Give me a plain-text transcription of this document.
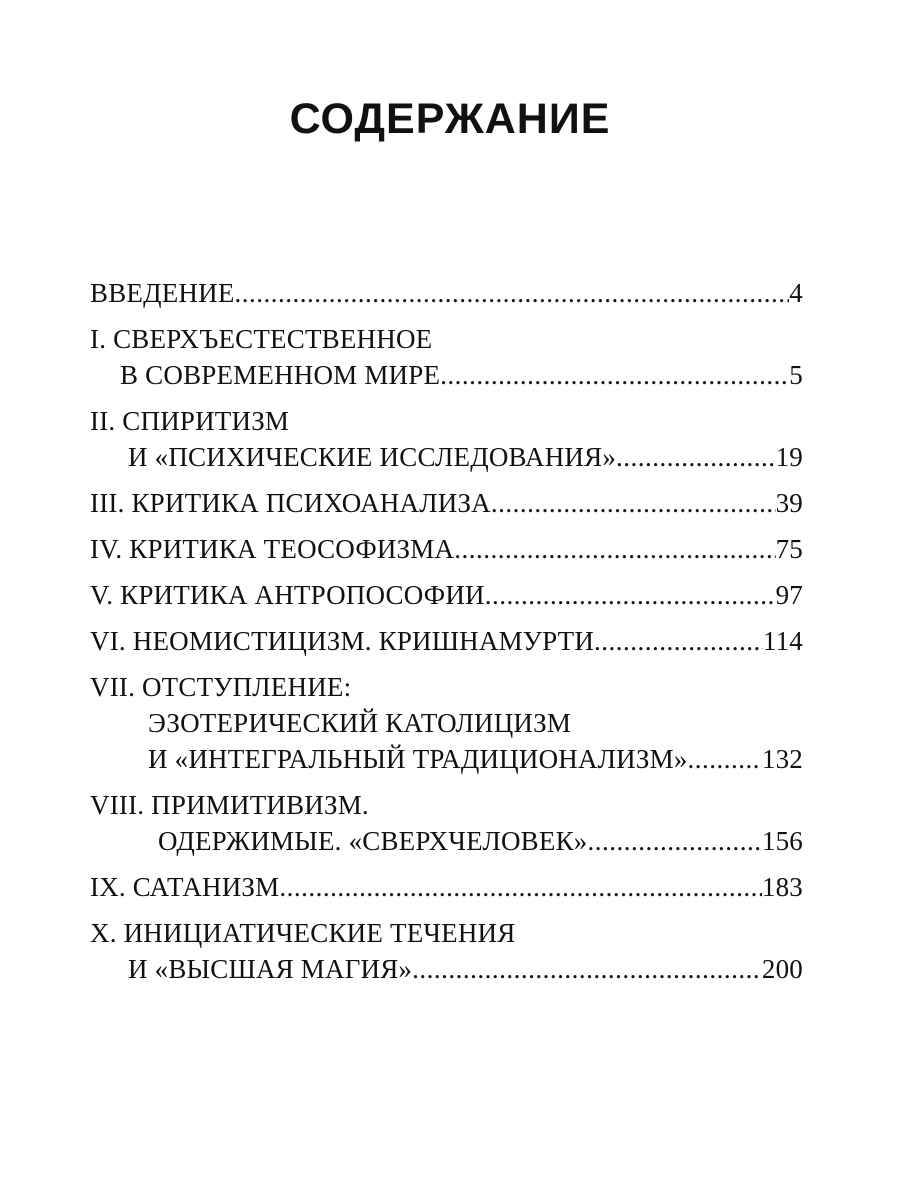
СОДЕРЖАНИЕ
ВВЕДЕНИЕ .....	4
I. СВЕРХЪЕСТЕСТВЕННОЕ
В СОВРЕМЕННОМ МИРЕ .....	5
II. СПИРИТИЗМ
И «ПСИХИЧЕСКИЕ ИССЛЕДОВАНИЯ» .....	19
III. КРИТИКА ПСИХОАНАЛИЗА .....	39
IV. КРИТИКА ТЕОСОФИЗМА .....	75
V. КРИТИКА АНТРОПОСОФИИ .....	97
VI. НЕОМИСТИЦИЗМ. КРИШНАМУРТИ .....	114
VII. ОТСТУПЛЕНИЕ:
ЭЗОТЕРИЧЕСКИЙ КАТОЛИЦИЗМ
И «ИНТЕГРАЛЬНЫЙ ТРАДИЦИОНАЛИЗМ» .....	132
VIII. ПРИМИТИВИЗМ.
ОДЕРЖИМЫЕ. «СВЕРХЧЕЛОВЕК» .....	156
IX. САТАНИЗМ .....	183
X. ИНИЦИАТИЧЕСКИЕ ТЕЧЕНИЯ
И «ВЫСШАЯ МАГИЯ» .....	200
